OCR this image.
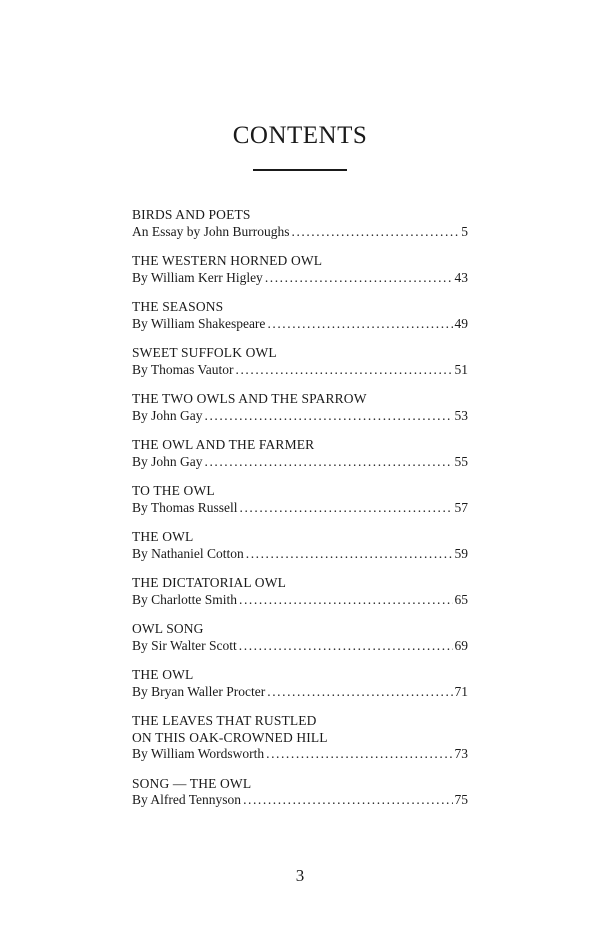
CONTENTS
BIRDS AND POETS
An Essay by John Burroughs . . .	5
THE WESTERN HORNED OWL
By William Kerr Higley . . .	43
THE SEASONS
By William Shakespeare . . .	49
SWEET SUFFOLK OWL
By Thomas Vautor . . .	51
THE TWO OWLS AND THE SPARROW
By John Gay . . .	53
THE OWL AND THE FARMER
By John Gay . . .	55
TO THE OWL
By Thomas Russell . . .	57
THE OWL
By Nathaniel Cotton . . .	59
THE DICTATORIAL OWL
By Charlotte Smith . . .	65
OWL SONG
By Sir Walter Scott . . .	69
THE OWL
By Bryan Waller Procter . . .	71
THE LEAVES THAT RUSTLED
ON THIS OAK-CROWNED HILL
By William Wordsworth . . .	73
SONG — THE OWL
By Alfred Tennyson . . .	75
3
